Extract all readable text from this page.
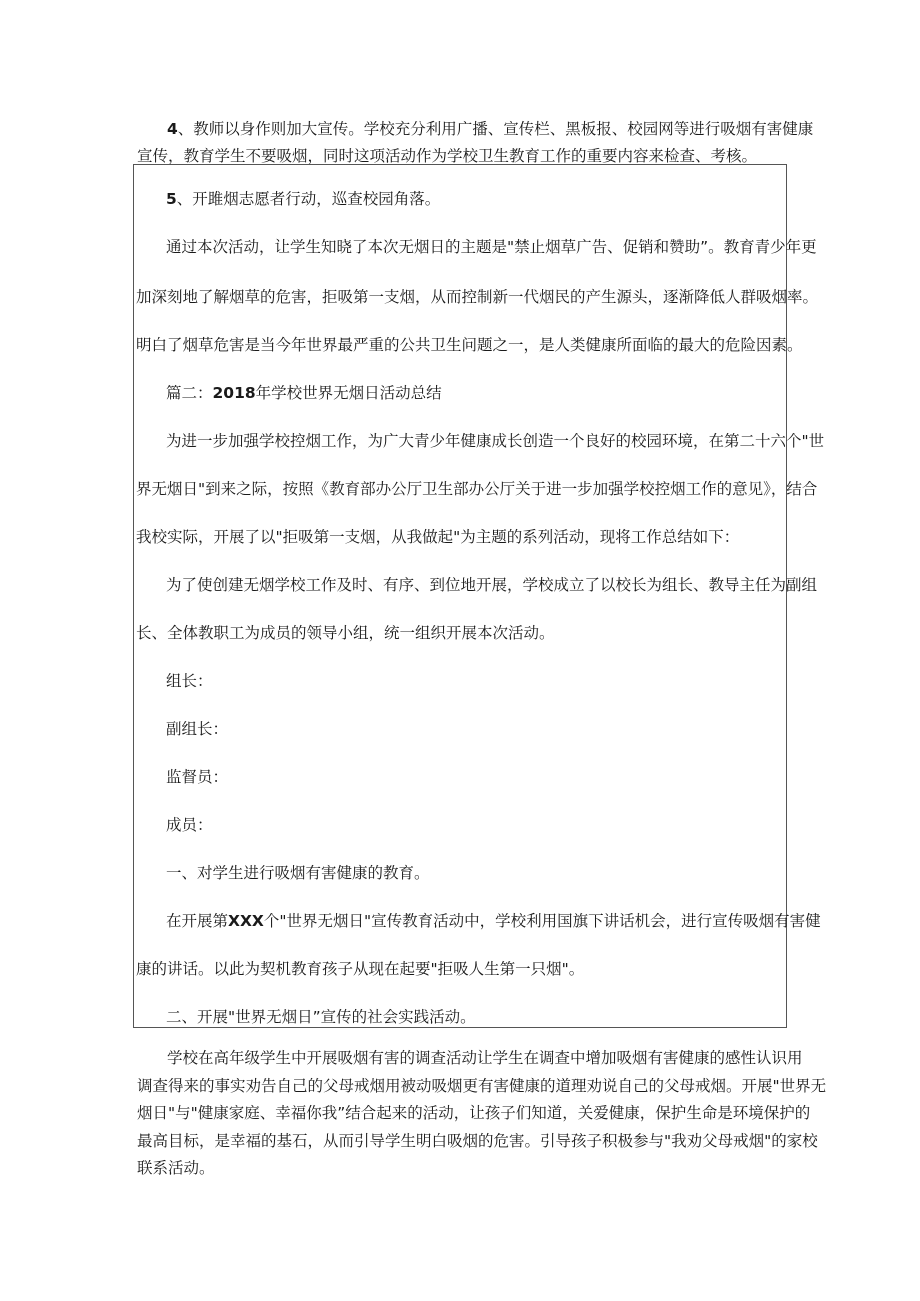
4、教师以身作则加大宣传。学校充分利用广播、宣传栏、黑板报、校园网等进行吸烟有害健康
宣传，教育学生不要吸烟，同时这项活动作为学校卫生教育工作的重要内容来检查、考核。

5、开雎烟志愿者行动，巡查校园角落。

通过本次活动，让学生知晓了本次无烟日的主题是"禁止烟草广告、促销和赞助”。教育青少年更

加深刻地了解烟草的危害，拒吸第一支烟，从而控制新一代烟民的产生源头，逐渐降低人群吸烟率。

明白了烟草危害是当今年世界最严重的公共卫生问题之一，是人类健康所面临的最大的危险因素。

篇二：2018年学校世界无烟日活动总结

为进一步加强学校控烟工作，为广大青少年健康成长创造一个良好的校园环境，在第二十六个"世

界无烟日"到来之际，按照《教育部办公厅卫生部办公厅关于进一步加强学校控烟工作的意见》，结合

我校实际，开展了以"拒吸第一支烟，从我做起"为主题的系列活动，现将工作总结如下：

为了使创建无烟学校工作及时、有序、到位地开展，学校成立了以校长为组长、教导主任为副组

长、全体教职工为成员的领导小组，统一组织开展本次活动。

组长：

副组长：

监督员：

成员：

一、对学生进行吸烟有害健康的教育。

在开展第XXX个"世界无烟日"宣传教育活动中，学校利用国旗下讲话机会，进行宣传吸烟有害健

康的讲话。以此为契机教育孩子从现在起要"拒吸人生第一只烟"。

二、开展"世界无烟日”宣传的社会实践活动。

学校在高年级学生中开展吸烟有害的调查活动让学生在调查中增加吸烟有害健康的感性认识用
调查得来的事实劝告自己的父母戒烟用被动吸烟更有害健康的道理劝说自己的父母戒烟。开展"世界无
烟日"与"健康家庭、幸福你我”结合起来的活动，让孩子们知道，关爱健康，保护生命是环境保护的
最高目标，是幸福的基石，从而引导学生明白吸烟的危害。引导孩子积极参与"我劝父母戒烟"的家校
联系活动。
